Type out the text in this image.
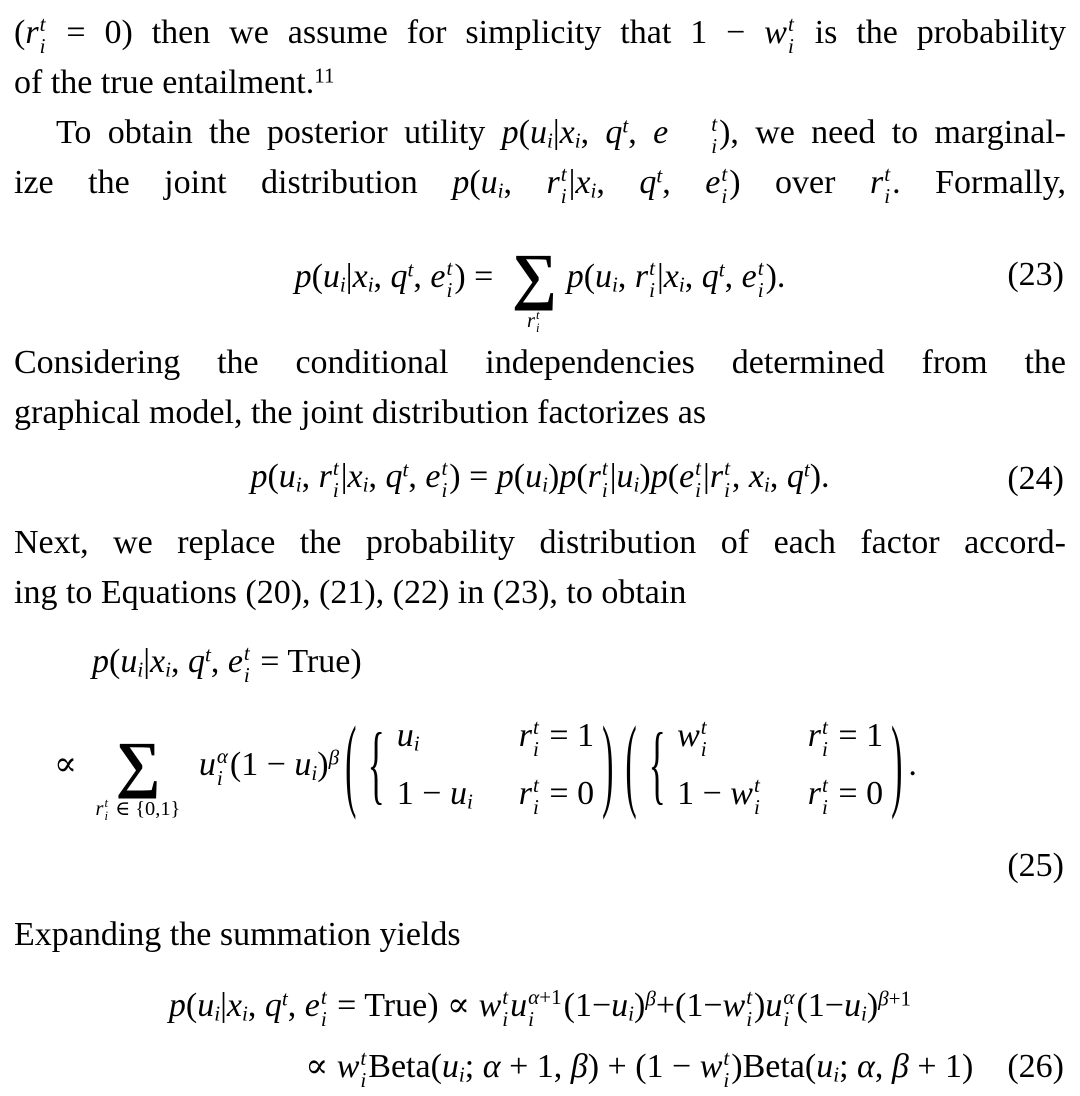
(r t
i = 0) then we assume for simplicity that 1 − w t
i is the probability
of the true entailment.$^{11}$
To obtain the posterior utility $p(u_i|x_i$, $q^t$, e	t
i ), we need to marginal-
ize the joint distribution $p(u_i$, r t
i $|x_i$, $q^t$, e t
i ) over r t
i . Formally,
$p(u_i|x_i$, $q^t$, e t
i ) = ∑
r t
i
$p(u_i$, r t
i $|x_i$, $q^t$, e t
i ).	(23)
Considering the conditional independencies determined from the
graphical model, the joint distribution factorizes as
$p(u_i$, r t
i $|x_i$, $q^t$, e t
i ) = $p(u_i)p(r$ t
i $|u_i)p(e$ t
i |r t
i , $x_i$, $q^t$).	(24)
Next, we replace the probability distribution of each factor accord-
ing to Equations (20), (21), (22) in (23), to obtain
$p(u_i|x_i$, $q^t$, e t
i = True)
∝ ∑
r t
i ∈ {0,1}
u α
i $(1 - u_i)^\beta$ ( { $u_i$	r t
i = 1
$1 - u_i$ r t
i = 0 ) ( { w t
i	r t
i = 1
1 − w t
i r t
i = 0 ) .
(25)
Expanding the summation yields
$p(u_i|x_i$, $q^t$, e t
i = True) ∝ w t
i u α+1
i $(1-u_i)^\beta+(1-w$ t
i )u α
i $(1-u_i)^{\beta+1}$
∝ w t
i $Beta(u_i$; α + 1, β) + (1 − w t
i )$Beta(u_i$; α, β + 1) (26)
